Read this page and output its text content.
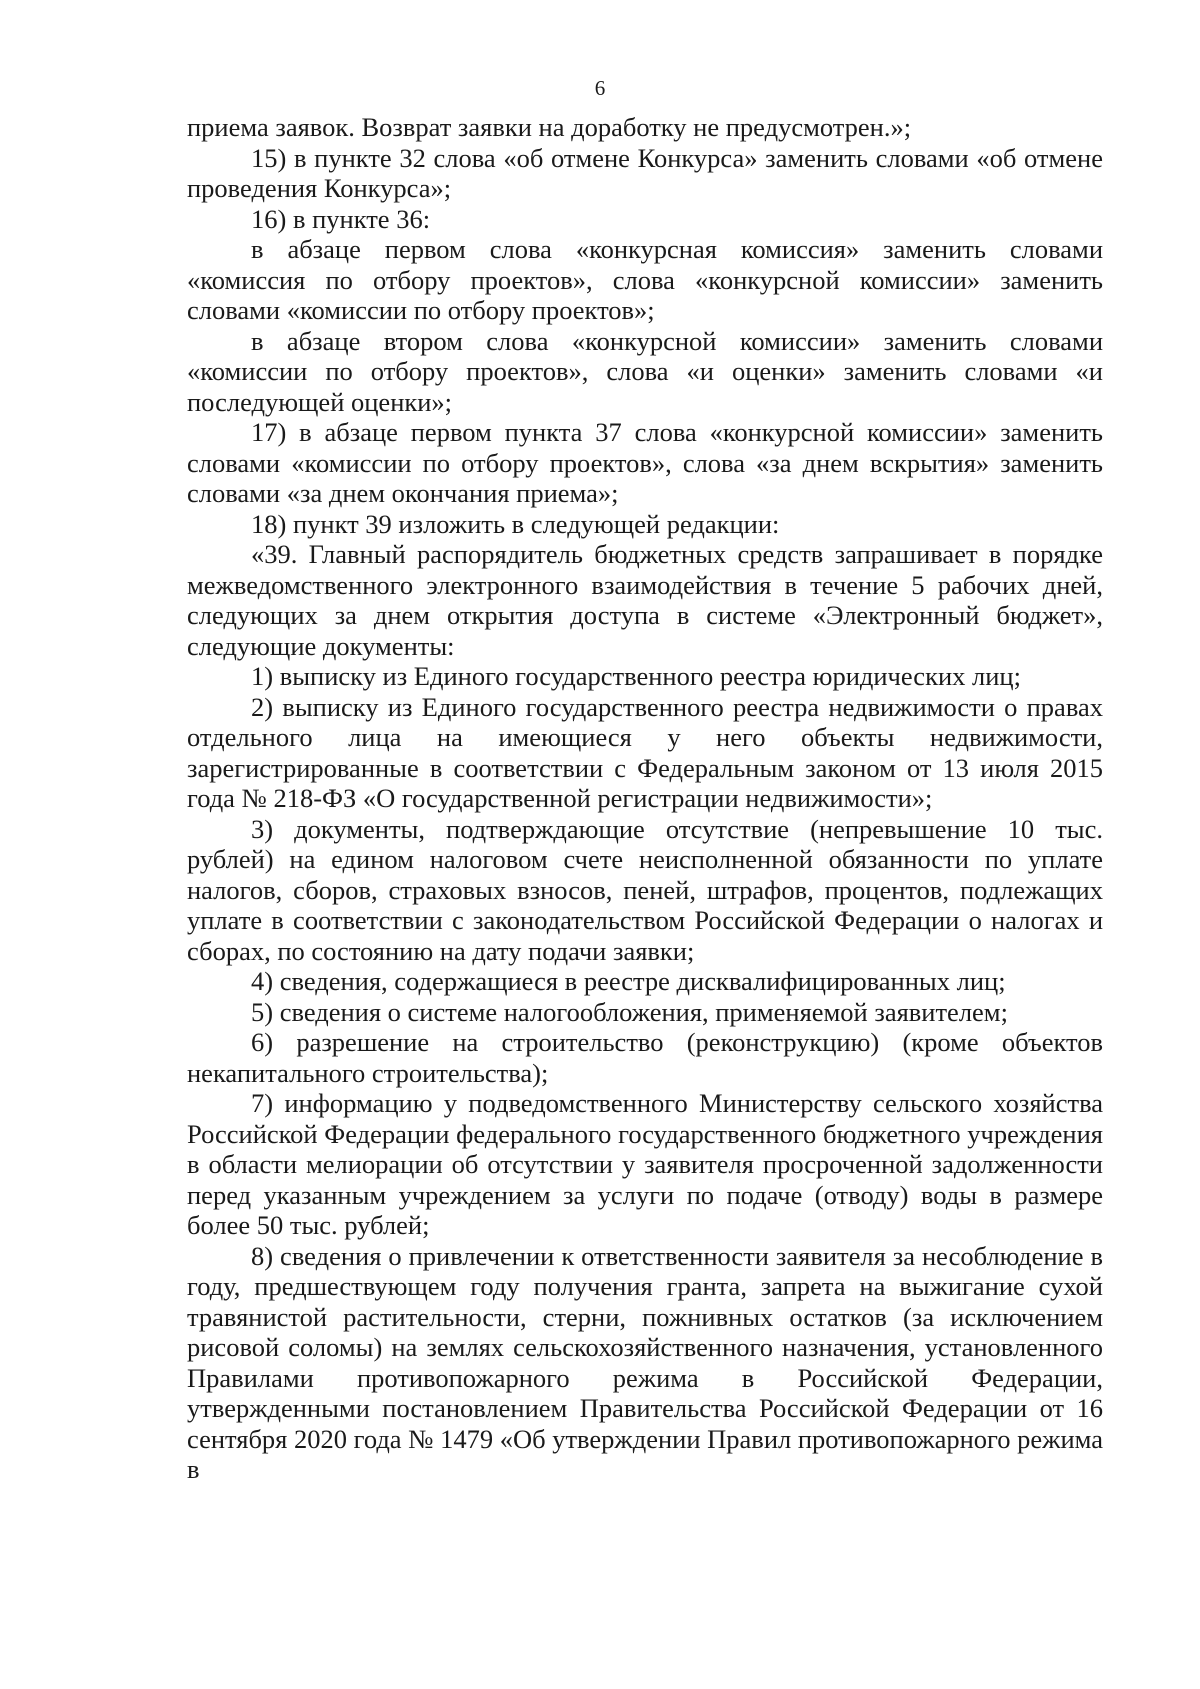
6

приема заявок. Возврат заявки на доработку не предусмотрен.»;

15) в пункте 32 слова «об отмене Конкурса» заменить словами «об отмене проведения Конкурса»;

16) в пункте 36:

в абзаце первом слова «конкурсная комиссия» заменить словами «комиссия по отбору проектов», слова «конкурсной комиссии» заменить словами «комиссии по отбору проектов»;

в абзаце втором слова «конкурсной комиссии» заменить словами «комиссии по отбору проектов», слова «и оценки» заменить словами «и последующей оценки»;

17) в абзаце первом пункта 37 слова «конкурсной комиссии» заменить словами «комиссии по отбору проектов», слова «за днем вскрытия» заменить словами «за днем окончания приема»;

18) пункт 39 изложить в следующей редакции:

«39. Главный распорядитель бюджетных средств запрашивает в порядке межведомственного электронного взаимодействия в течение 5 рабочих дней, следующих за днем открытия доступа в системе «Электронный бюджет», следующие документы:

1) выписку из Единого государственного реестра юридических лиц;

2) выписку из Единого государственного реестра недвижимости о правах отдельного лица на имеющиеся у него объекты недвижимости, зарегистрированные в соответствии с Федеральным законом от 13 июля 2015 года № 218-ФЗ «О государственной регистрации недвижимости»;

3) документы, подтверждающие отсутствие (непревышение 10 тыс. рублей) на едином налоговом счете неисполненной обязанности по уплате налогов, сборов, страховых взносов, пеней, штрафов, процентов, подлежащих уплате в соответствии с законодательством Российской Федерации о налогах и сборах, по состоянию на дату подачи заявки;

4) сведения, содержащиеся в реестре дисквалифицированных лиц;

5) сведения о системе налогообложения, применяемой заявителем;

6) разрешение на строительство (реконструкцию) (кроме объектов некапитального строительства);

7) информацию у подведомственного Министерству сельского хозяйства Российской Федерации федерального государственного бюджетного учреждения в области мелиорации об отсутствии у заявителя просроченной задолженности перед указанным учреждением за услуги по подаче (отводу) воды в размере более 50 тыс. рублей;

8) сведения о привлечении к ответственности заявителя за несоблюдение в году, предшествующем году получения гранта, запрета на выжигание сухой травянистой растительности, стерни, пожнивных остатков (за исключением рисовой соломы) на землях сельскохозяйственного назначения, установленного Правилами противопожарного режима в Российской Федерации, утвержденными постановлением Правительства Российской Федерации от 16 сентября 2020 года № 1479 «Об утверждении Правил противопожарного режима в
